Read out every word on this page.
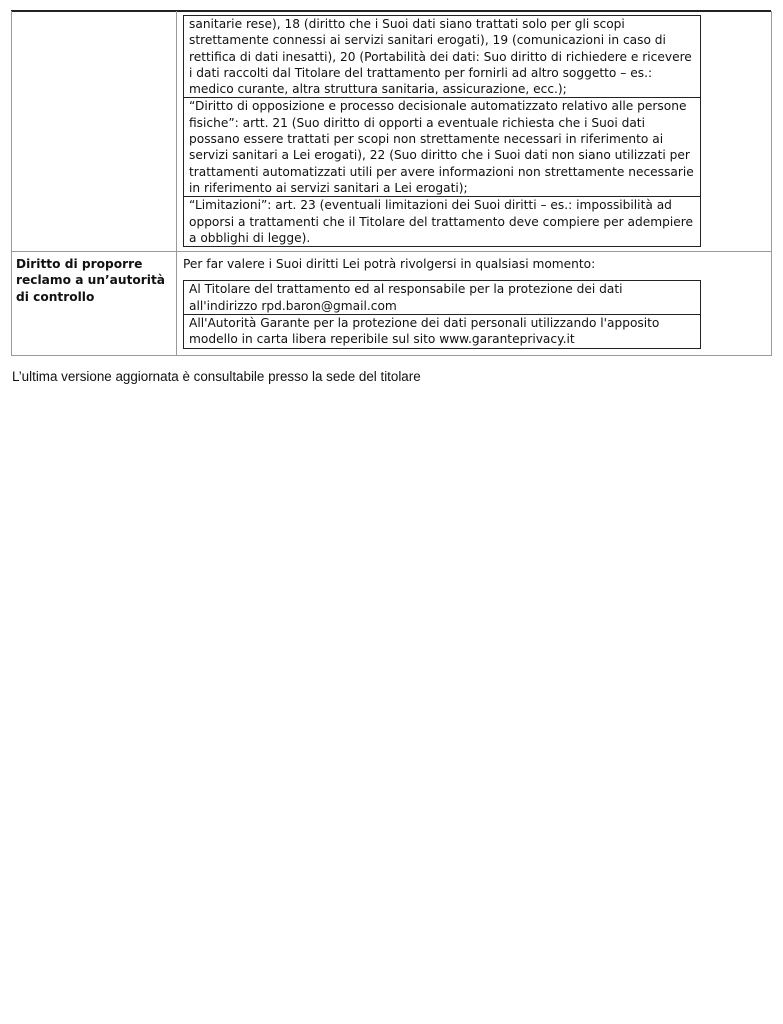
	sanitarie rese), 18 (diritto che i Suoi dati siano trattati solo per gli scopi strettamente connessi ai servizi sanitari erogati), 19 (comunicazioni in caso di rettifica di dati inesatti), 20 (Portabilità dei dati: Suo diritto di richiedere e ricevere i dati raccolti dal Titolare del trattamento per fornirli ad altro soggetto – es.: medico curante, altra struttura sanitaria, assicurazione, ecc.);

“Diritto di opposizione e processo decisionale automatizzato relativo alle persone fisiche”: artt. 21 (Suo diritto di opporti a eventuale richiesta che i Suoi dati possano essere trattati per scopi non strettamente necessari in riferimento ai servizi sanitari a Lei erogati), 22 (Suo diritto che i Suoi dati non siano utilizzati per trattamenti automatizzati utili per avere informazioni non strettamente necessarie in riferimento ai servizi sanitari a Lei erogati);

“Limitazioni”: art. 23 (eventuali limitazioni dei Suoi diritti – es.: impossibilità ad opporsi a trattamenti che il Titolare del trattamento deve compiere per adempiere a obblighi di legge).

Diritto di proporre reclamo a un’autorità di controllo	Per far valere i Suoi diritti Lei potrà rivolgersi in qualsiasi momento:

Al Titolare del trattamento ed al responsabile per la protezione dei dati

all'indirizzo rpd.baron@gmail.com

All'Autorità Garante per la protezione dei dati personali utilizzando l'apposito modello in carta libera reperibile sul sito www.garanteprivacy.it

L’ultima versione aggiornata è consultabile presso la sede del titolare
